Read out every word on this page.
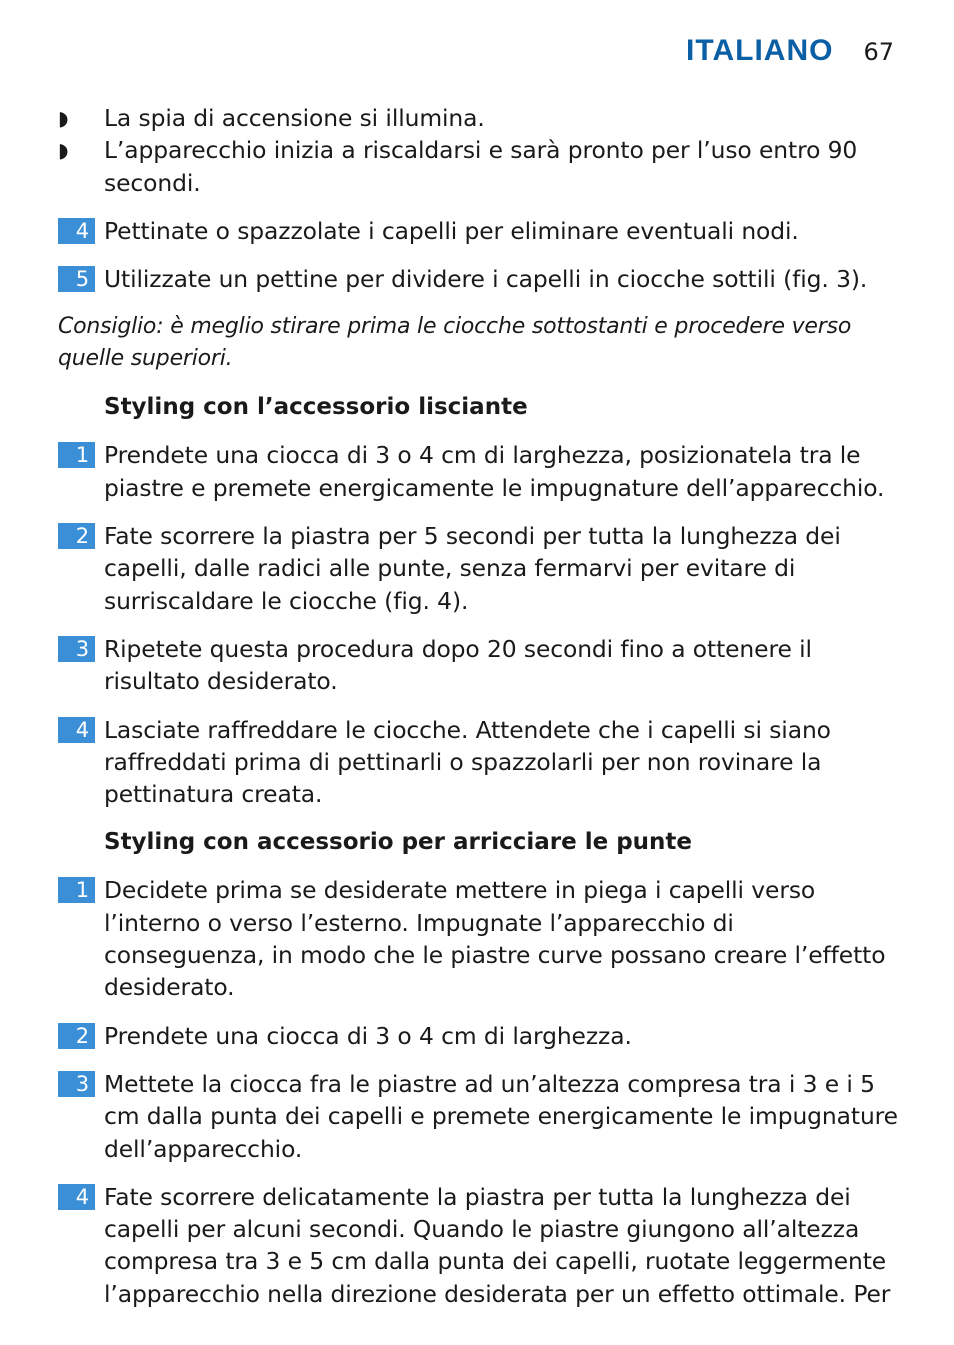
ITALIANO 67
◗ La spia di accensione si illumina.
◗ L’apparecchio inizia a riscaldarsi e sarà pronto per l’uso entro 90 secondi.
4 Pettinate o spazzolate i capelli per eliminare eventuali nodi.
5 Utilizzate un pettine per dividere i capelli in ciocche sottili (fig. 3).
Consiglio: è meglio stirare prima le ciocche sottostanti e procedere verso quelle superiori.
Styling con l’accessorio lisciante
1 Prendete una ciocca di 3 o 4 cm di larghezza, posizionatela tra le piastre e premete energicamente le impugnature dell’apparecchio.
2 Fate scorrere la piastra per 5 secondi per tutta la lunghezza dei capelli, dalle radici alle punte, senza fermarvi per evitare di surriscaldare le ciocche (fig. 4).
3 Ripetete questa procedura dopo 20 secondi fino a ottenere il risultato desiderato.
4 Lasciate raffreddare le ciocche. Attendete che i capelli si siano raffreddati prima di pettinarli o spazzolarli per non rovinare la pettinatura creata.
Styling con accessorio per arricciare le punte
1 Decidete prima se desiderate mettere in piega i capelli verso l’interno o verso l’esterno. Impugnate l’apparecchio di conseguenza, in modo che le piastre curve possano creare l’effetto desiderato.
2 Prendete una ciocca di 3 o 4 cm di larghezza.
3 Mettete la ciocca fra le piastre ad un’altezza compresa tra i 3 e i 5 cm dalla punta dei capelli e premete energicamente le impugnature dell’apparecchio.
4 Fate scorrere delicatamente la piastra per tutta la lunghezza dei capelli per alcuni secondi. Quando le piastre giungono all’altezza compresa tra 3 e 5 cm dalla punta dei capelli, ruotate leggermente l’apparecchio nella direzione desiderata per un effetto ottimale. Per
